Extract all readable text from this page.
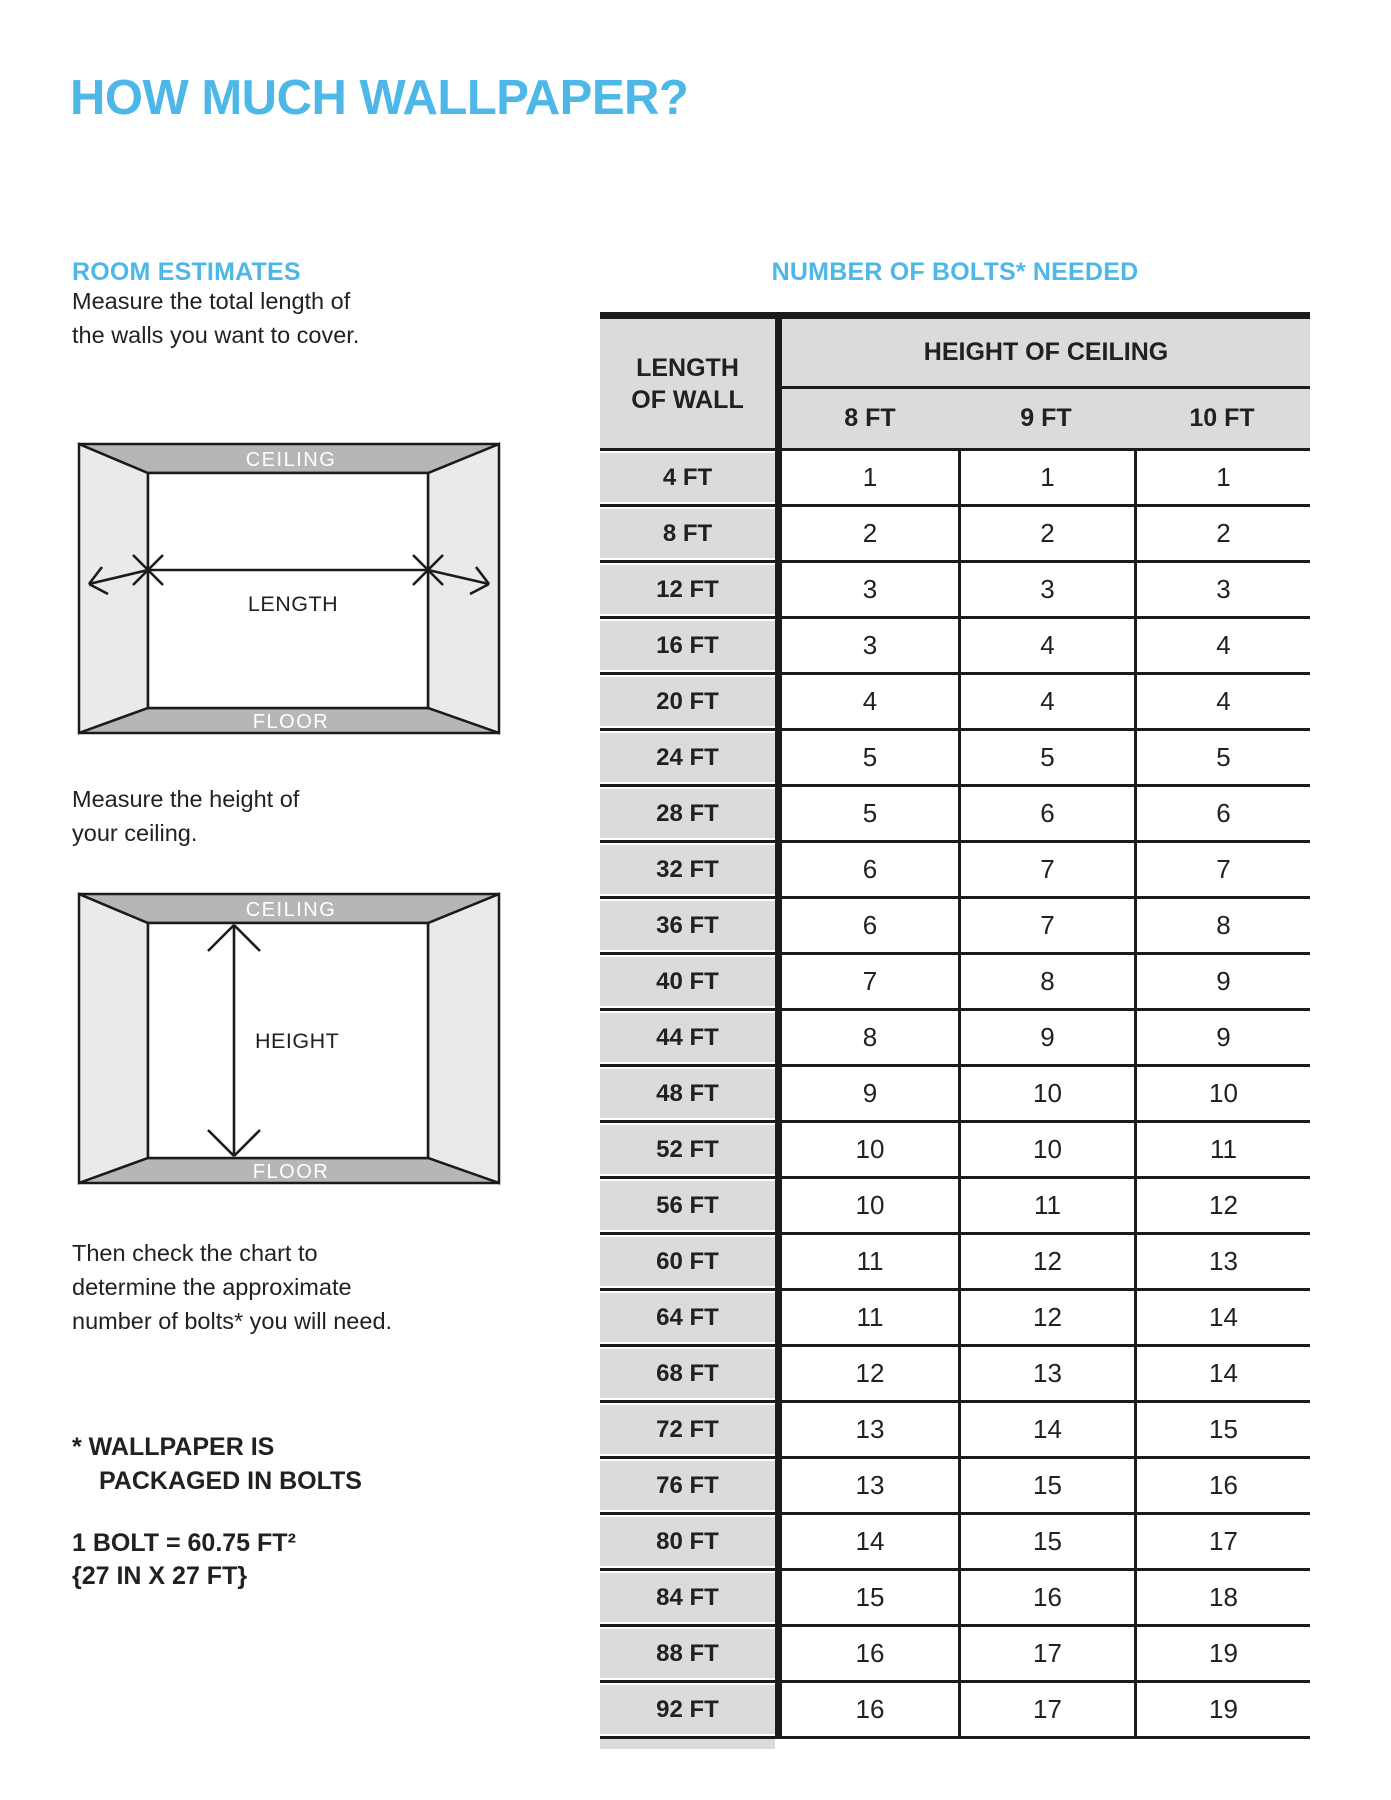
HOW MUCH WALLPAPER?
ROOM ESTIMATES	NUMBER OF BOLTS* NEEDED
Measure the total length of
the walls you want to cover.
CEILING
FLOOR
LENGTH
Measure the height of
your ceiling.
CEILING
FLOOR
HEIGHT
Then check the chart to
determine the approximate
number of bolts* you will need.
* WALLPAPER IS
PACKAGED IN BOLTS
1 BOLT = 60.75 FT²
{27 IN X 27 FT}
LENGTH
OF WALL
HEIGHT OF CEILING
8 FT	9 FT	10 FT
4 FT	1	1	1
8 FT	2	2	2
12 FT	3	3	3
16 FT	3	4	4
20 FT	4	4	4
24 FT	5	5	5
28 FT	5	6	6
32 FT	6	7	7
36 FT	6	7	8
40 FT	7	8	9
44 FT	8	9	9
48 FT	9	10	10
52 FT	10	10	11
56 FT	10	11	12
60 FT	11	12	13
64 FT	11	12	14
68 FT	12	13	14
72 FT	13	14	15
76 FT	13	15	16
80 FT	14	15	17
84 FT	15	16	18
88 FT	16	17	19
92 FT	16	17	19
